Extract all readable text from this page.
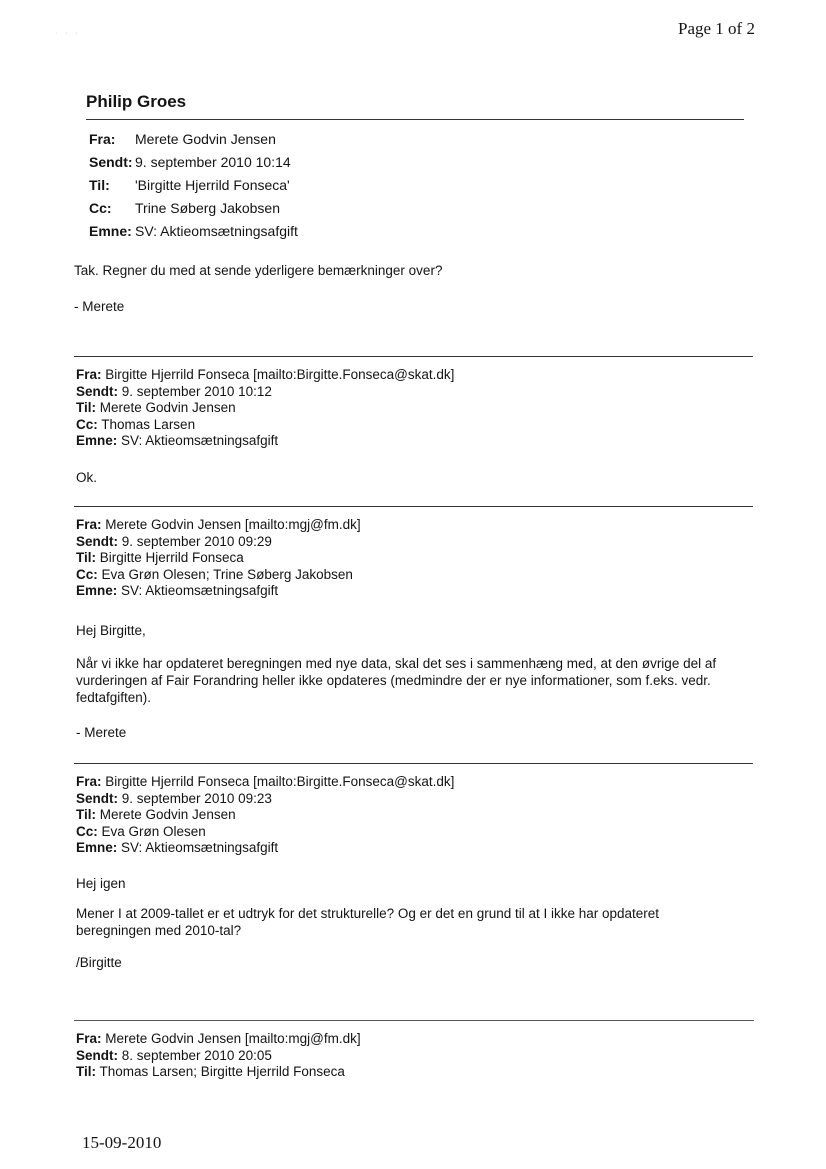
Page 1 of 2
· · ·
Philip Groes
Fra: Merete Godvin Jensen
Sendt: 9. september 2010 10:14
Til: 'Birgitte Hjerrild Fonseca'
Cc: Trine Søberg Jakobsen
Emne: SV: Aktieomsætningsafgift
Tak. Regner du med at sende yderligere bemærkninger over?
- Merete
Fra: Birgitte Hjerrild Fonseca [mailto:Birgitte.Fonseca@skat.dk]
Sendt: 9. september 2010 10:12
Til: Merete Godvin Jensen
Cc: Thomas Larsen
Emne: SV: Aktieomsætningsafgift
Ok.
Fra: Merete Godvin Jensen [mailto:mgj@fm.dk]
Sendt: 9. september 2010 09:29
Til: Birgitte Hjerrild Fonseca
Cc: Eva Grøn Olesen; Trine Søberg Jakobsen
Emne: SV: Aktieomsætningsafgift
Hej Birgitte,
Når vi ikke har opdateret beregningen med nye data, skal det ses i sammenhæng med, at den øvrige del af
vurderingen af Fair Forandring heller ikke opdateres (medmindre der er nye informationer, som f.eks. vedr.
fedtafgiften).
- Merete
Fra: Birgitte Hjerrild Fonseca [mailto:Birgitte.Fonseca@skat.dk]
Sendt: 9. september 2010 09:23
Til: Merete Godvin Jensen
Cc: Eva Grøn Olesen
Emne: SV: Aktieomsætningsafgift
Hej igen
Mener I at 2009-tallet er et udtryk for det strukturelle? Og er det en grund til at I ikke har opdateret
beregningen med 2010-tal?
/Birgitte
Fra: Merete Godvin Jensen [mailto:mgj@fm.dk]
Sendt: 8. september 2010 20:05
Til: Thomas Larsen; Birgitte Hjerrild Fonseca
15-09-2010
